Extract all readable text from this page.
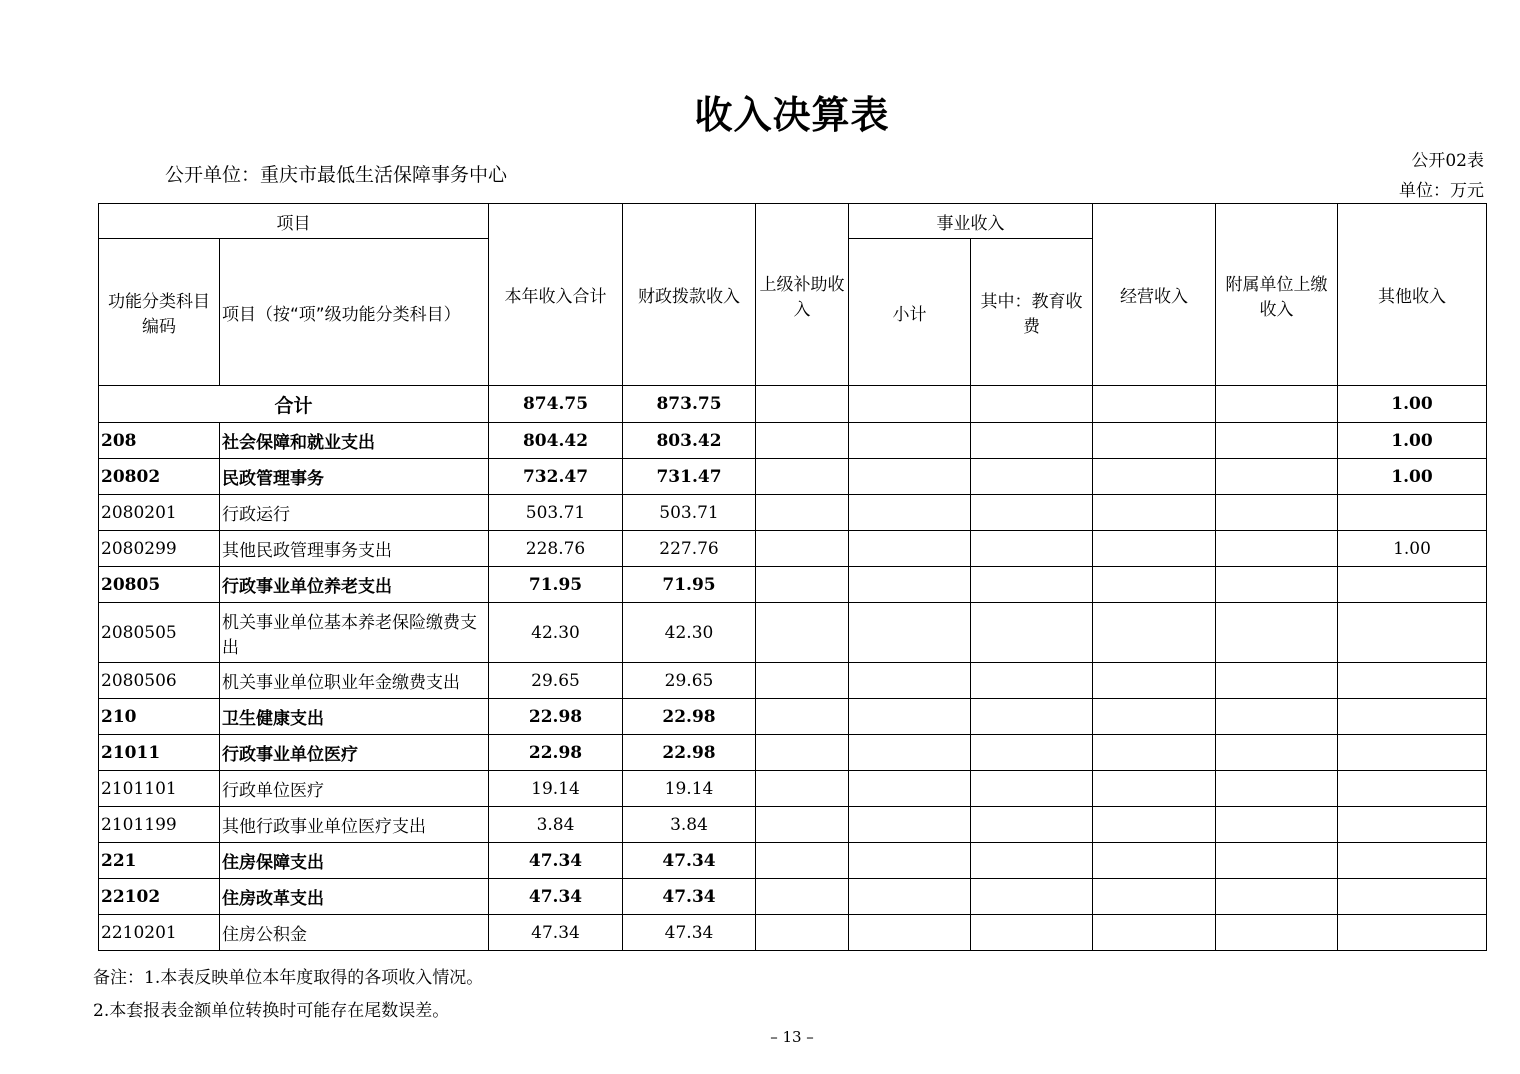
收入决算表
公开单位：重庆市最低生活保障事务中心
公开02表
单位：万元
项目		本年收入合计	财政拨款收入	上级补助收入	事业收入		经营收入	附属单位上缴收入	其他收入
功能分类科目编码	项目（按“项”级功能分类科目）				小计	其中：教育收费			
合计		874.75	873.75						1.00
208	社会保障和就业支出	804.42	803.42						1.00
20802	民政管理事务	732.47	731.47						1.00
2080201	行政运行	503.71	503.71						
2080299	其他民政管理事务支出	228.76	227.76						1.00
20805	行政事业单位养老支出	71.95	71.95						
2080505	机关事业单位基本养老保险缴费支出	42.30	42.30						
2080506	机关事业单位职业年金缴费支出	29.65	29.65						
210	卫生健康支出	22.98	22.98						
21011	行政事业单位医疗	22.98	22.98						
2101101	行政单位医疗	19.14	19.14						
2101199	其他行政事业单位医疗支出	3.84	3.84						
221	住房保障支出	47.34	47.34						
22102	住房改革支出	47.34	47.34						
2210201	住房公积金	47.34	47.34						
备注：1.本表反映单位本年度取得的各项收入情况。
2.本套报表金额单位转换时可能存在尾数误差。
– 13 –
